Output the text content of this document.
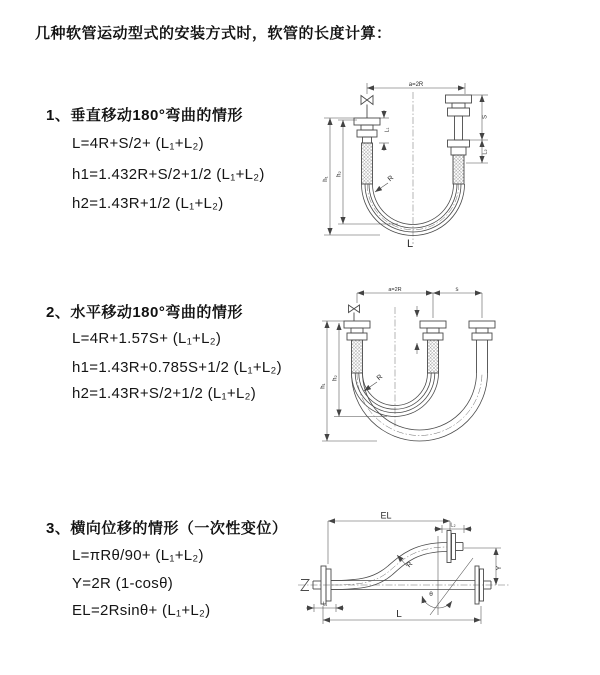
几种软管运动型式的安装方式时，软管的长度计算：
1、垂直移动180°弯曲的情形
L=4R+S/2+ (L₁+L₂)
h1=1.432R+S/2+1/2 (L₁+L₂)
h2=1.43R+1/2 (L₁+L₂)
2、水平移动180°弯曲的情形
L=4R+1.57S+ (L₁+L₂)
h1=1.43R+0.785S+1/2 (L₁+L₂)
h2=1.43R+S/2+1/2 (L₁+L₂)
3、横向位移的情形（一次性变位）
L=πRθ/90+ (L₁+L₂)
Y=2R (1-cosθ)
EL=2Rsinθ+ (L₁+L₂)
a=2R
h₁
h₂
L₁
S
L₂
R
L
a=2R	s
h₁
h₂	R
EL
L₂
Y
θ
R
L₁
L
